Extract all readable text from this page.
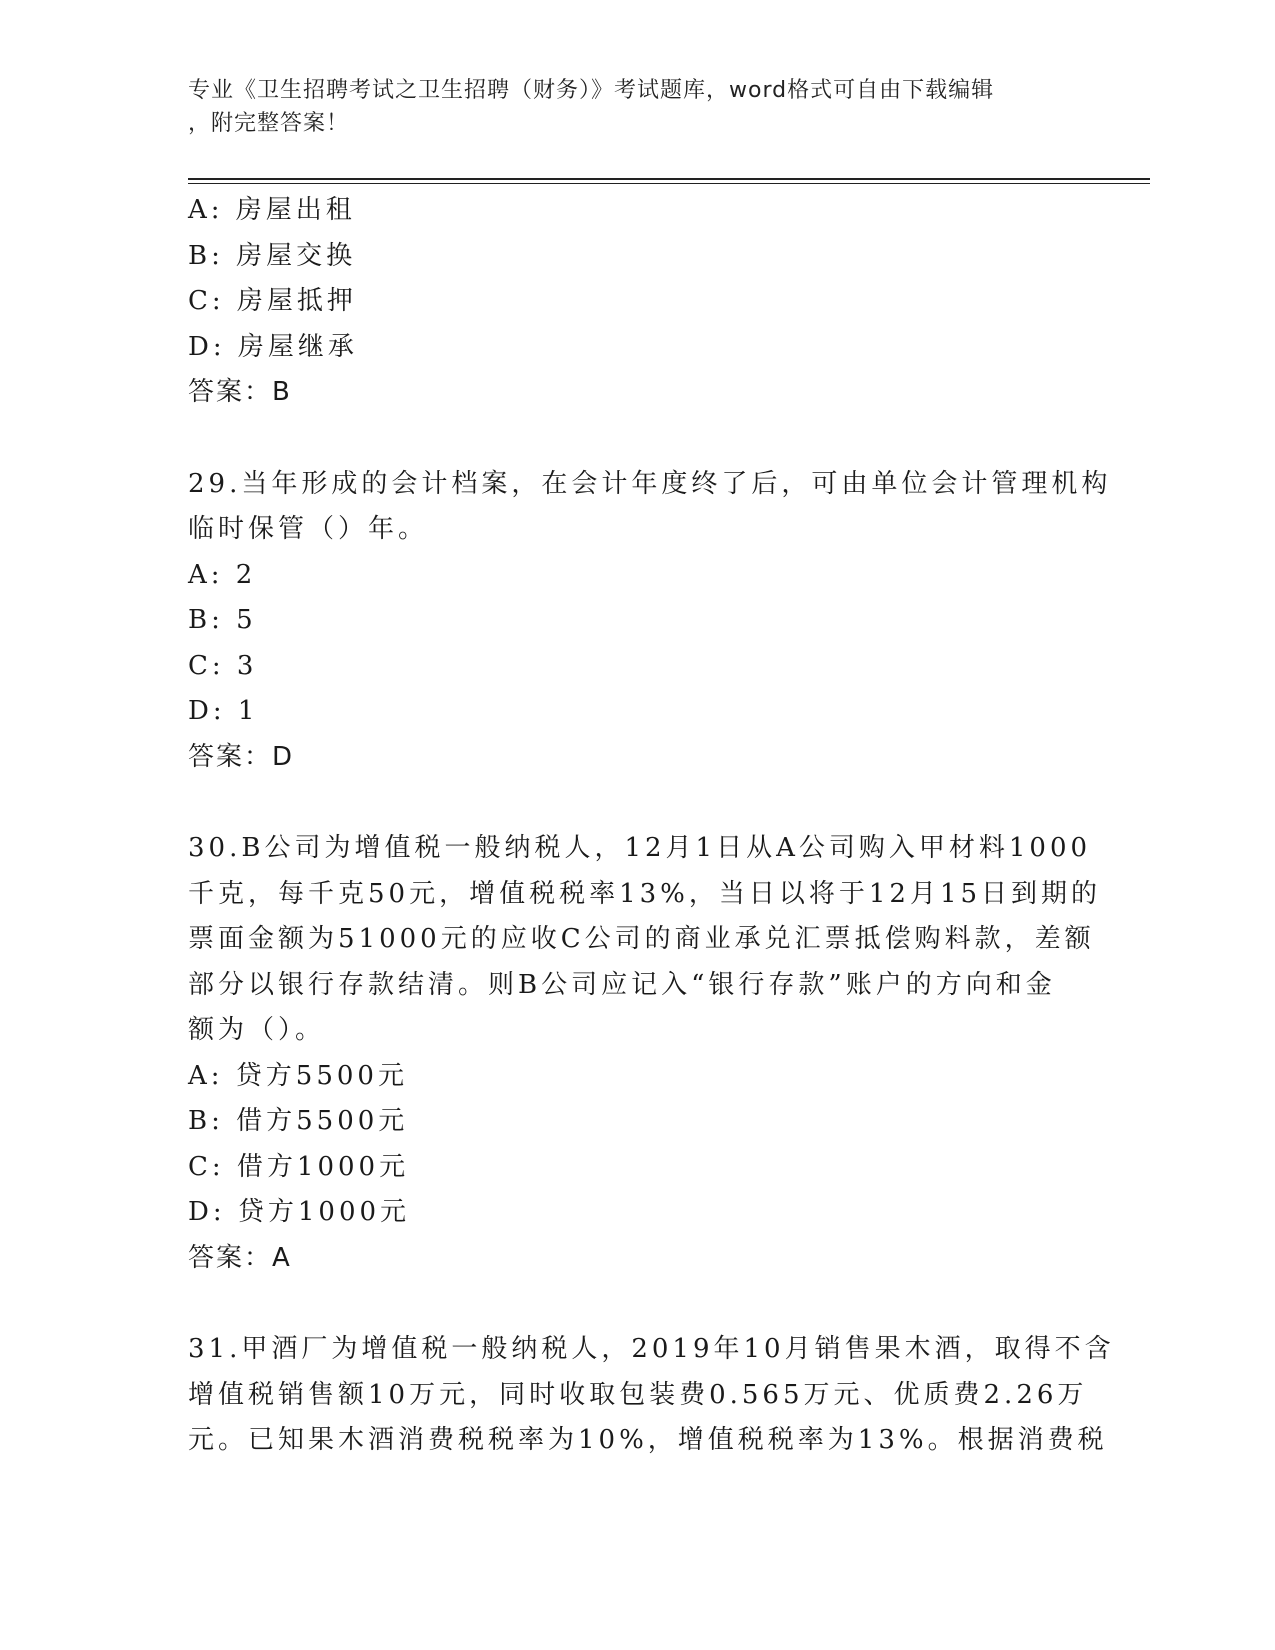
专业《卫生招聘考试之卫生招聘（财务）》考试题库，word格式可自由下载编辑
，附完整答案！
A: 房屋出租
B: 房屋交换
C: 房屋抵押
D: 房屋继承
答案：B
29.当年形成的会计档案，在会计年度终了后，可由单位会计管理机构
临时保管（）年。
A: 2
B: 5
C: 3
D: 1
答案：D
30.B公司为增值税一般纳税人，12月1日从A公司购入甲材料1000
千克，每千克50元，增值税税率13%，当日以将于12月15日到期的
票面金额为51000元的应收C公司的商业承兑汇票抵偿购料款，差额
部分以银行存款结清。则B公司应记入“银行存款”账户的方向和金
额为（）。
A: 贷方5500元
B: 借方5500元
C: 借方1000元
D: 贷方1000元
答案：A
31.甲酒厂为增值税一般纳税人，2019年10月销售果木酒，取得不含
增值税销售额10万元，同时收取包装费0.565万元、优质费2.26万
元。已知果木酒消费税税率为10%，增值税税率为13%。根据消费税
